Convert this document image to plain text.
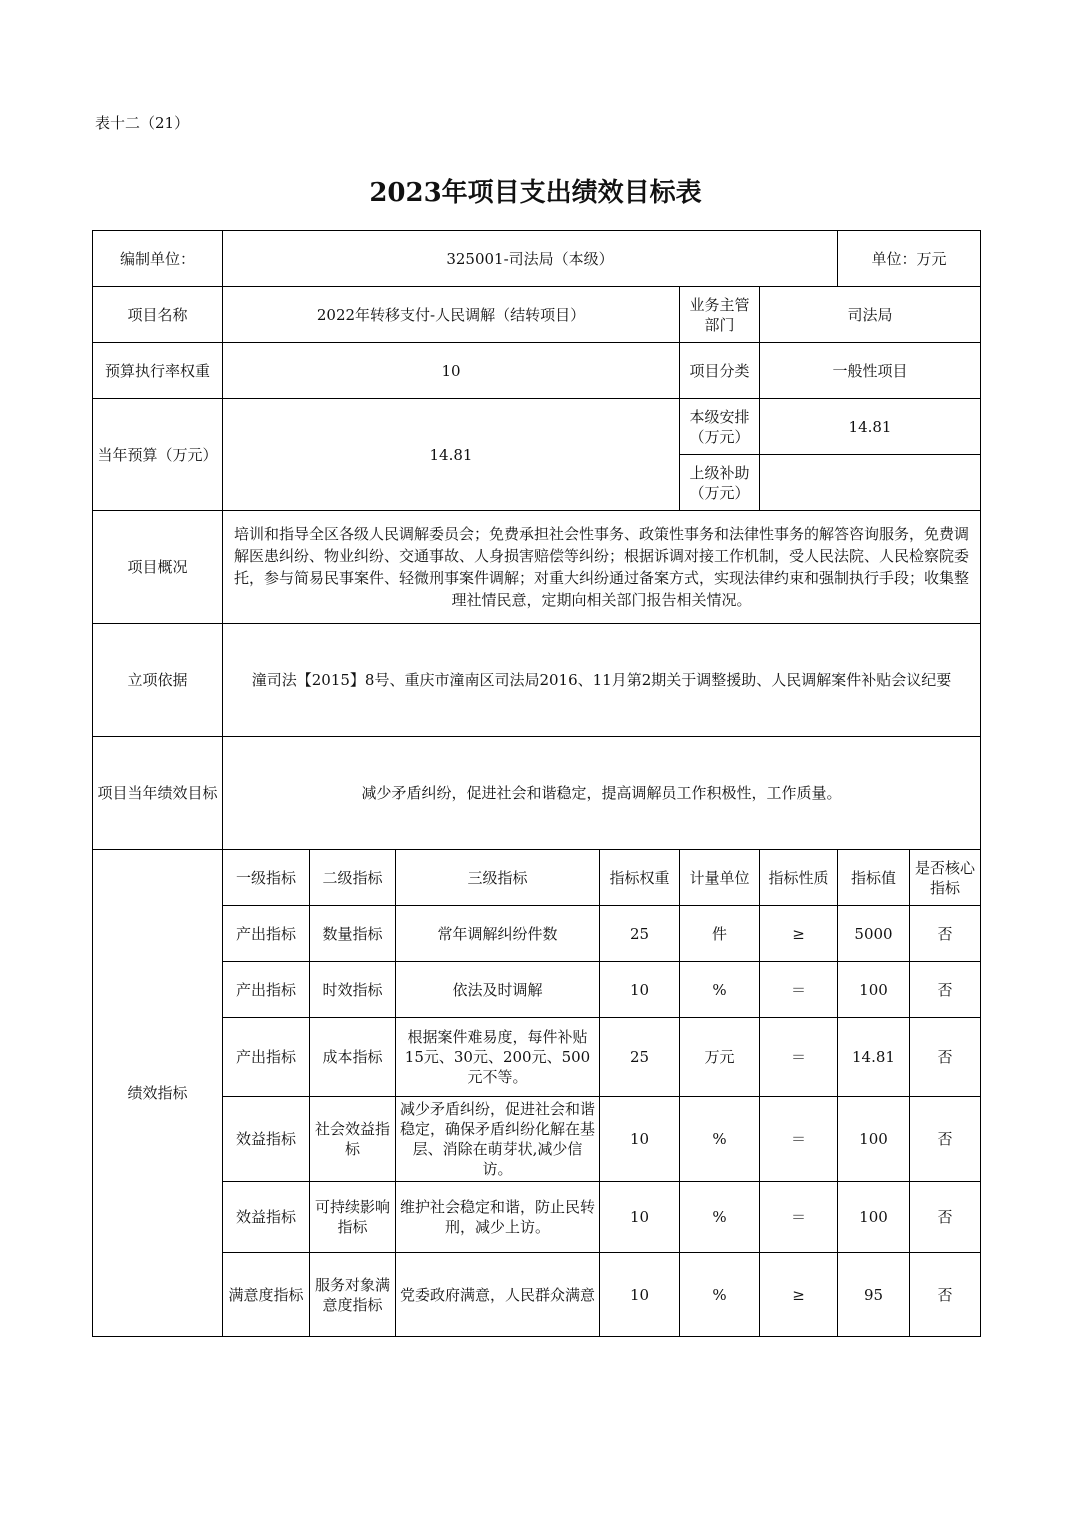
表十二（21）
2023年项目支出绩效目标表
编制单位：	325001-司法局（本级）						单位：万元	
项目名称	2022年转移支付-人民调解（结转项目）				业务主管部门	司法局		
预算执行率权重	10				项目分类	一般性项目		
当年预算（万元）	14.81				本级安排（万元）	14.81		
					上级补助（万元）			
项目概况	培训和指导全区各级人民调解委员会；免费承担社会性事务、政策性事务和法律性事务的解答咨询服务，免费调解医患纠纷、物业纠纷、交通事故、人身损害赔偿等纠纷；根据诉调对接工作机制，受人民法院、人民检察院委托，参与简易民事案件、轻微刑事案件调解；对重大纠纷通过备案方式，实现法律约束和强制执行手段；收集整理社情民意，定期向相关部门报告相关情况。							
立项依据	潼司法【2015】8号、重庆市潼南区司法局2016、11月第2期关于调整援助、人民调解案件补贴会议纪要							
项目当年绩效目标	减少矛盾纠纷，促进社会和谐稳定，提高调解员工作积极性，工作质量。							
绩效指标	一级指标	二级指标	三级指标	指标权重	计量单位	指标性质	指标值	是否核心指标
	产出指标	数量指标	常年调解纠纷件数	25	件	≥	5000	否
	产出指标	时效指标	依法及时调解	10	%	＝	100	否
	产出指标	成本指标	根据案件难易度，每件补贴15元、30元、200元、500元不等。	25	万元	＝	14.81	否
	效益指标	社会效益指标	减少矛盾纠纷，促进社会和谐稳定，确保矛盾纠纷化解在基层、消除在萌芽状,减少信访。	10	%	＝	100	否
	效益指标	可持续影响指标	维护社会稳定和谐，防止民转刑，减少上访。	10	%	＝	100	否
	满意度指标	服务对象满意度指标	党委政府满意，人民群众满意	10	%	≥	95	否
